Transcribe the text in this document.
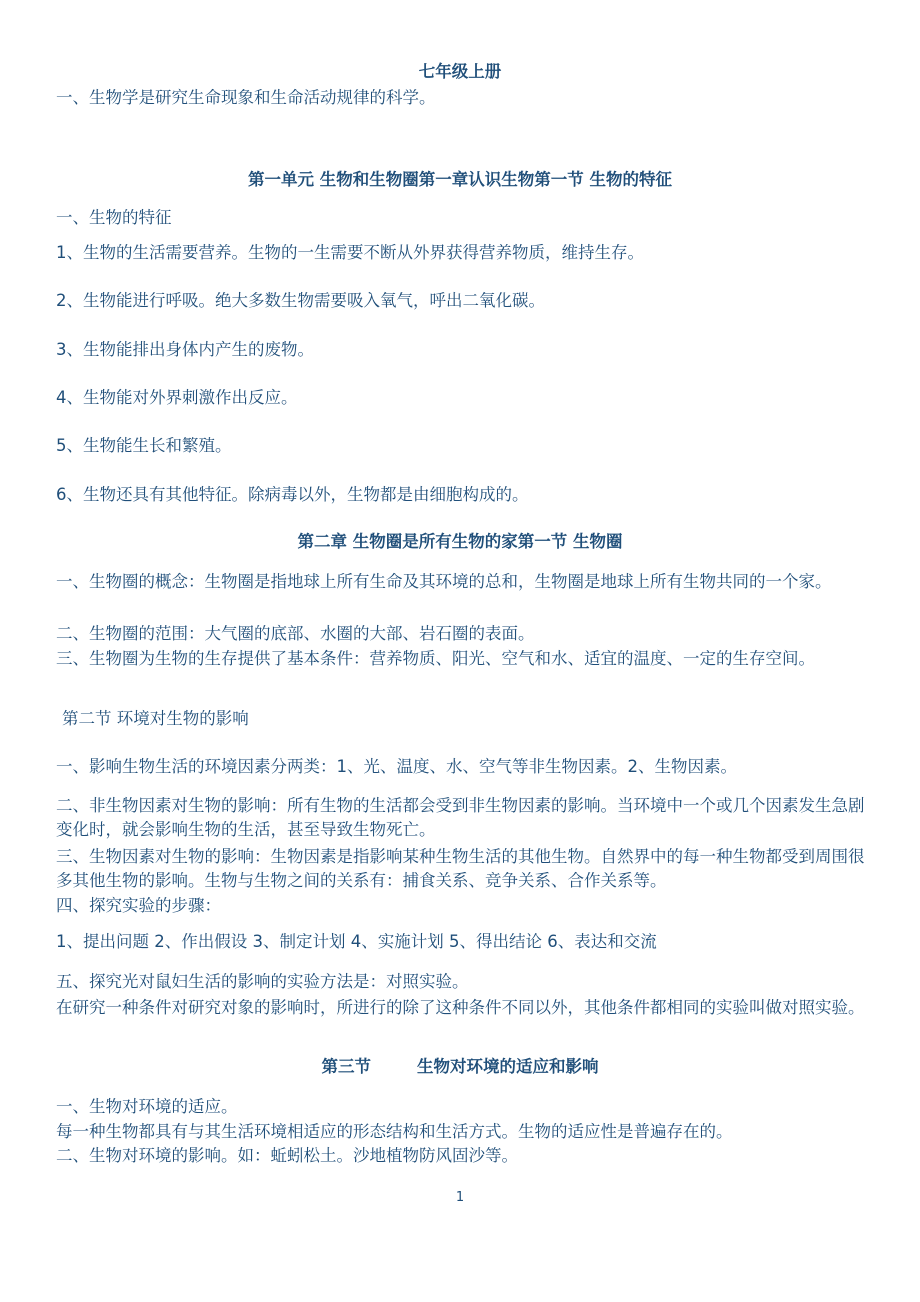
七年级上册

一、生物学是研究生命现象和生命活动规律的科学。

第一单元 生物和生物圈第一章认识生物第一节 生物的特征

一、生物的特征

1、生物的生活需要营养。生物的一生需要不断从外界获得营养物质，维持生存。

2、生物能进行呼吸。绝大多数生物需要吸入氧气，呼出二氧化碳。

3、生物能排出身体内产生的废物。

4、生物能对外界刺激作出反应。

5、生物能生长和繁殖。

6、生物还具有其他特征。除病毒以外，生物都是由细胞构成的。

第二章 生物圈是所有生物的家第一节 生物圈

一、生物圈的概念：生物圈是指地球上所有生命及其环境的总和，生物圈是地球上所有生物共同的一个家。

二、生物圈的范围：大气圈的底部、水圈的大部、岩石圈的表面。

三、生物圈为生物的生存提供了基本条件：营养物质、阳光、空气和水、适宜的温度、一定的生存空间。

第二节 环境对生物的影响

一、影响生物生活的环境因素分两类：1、光、温度、水、空气等非生物因素。2、生物因素。

二、非生物因素对生物的影响：所有生物的生活都会受到非生物因素的影响。当环境中一个或几个因素发生急剧变化时，就会影响生物的生活，甚至导致生物死亡。

三、生物因素对生物的影响：生物因素是指影响某种生物生活的其他生物。自然界中的每一种生物都受到周围很多其他生物的影响。生物与生物之间的关系有：捕食关系、竞争关系、合作关系等。

四、探究实验的步骤：

1、提出问题 2、作出假设 3、制定计划 4、实施计划 5、得出结论 6、表达和交流

五、探究光对鼠妇生活的影响的实验方法是：对照实验。

在研究一种条件对研究对象的影响时，所进行的除了这种条件不同以外，其他条件都相同的实验叫做对照实验。

第三节        生物对环境的适应和影响

一、生物对环境的适应。

每一种生物都具有与其生活环境相适应的形态结构和生活方式。生物的适应性是普遍存在的。

二、生物对环境的影响。如：蚯蚓松土。沙地植物防风固沙等。

1
